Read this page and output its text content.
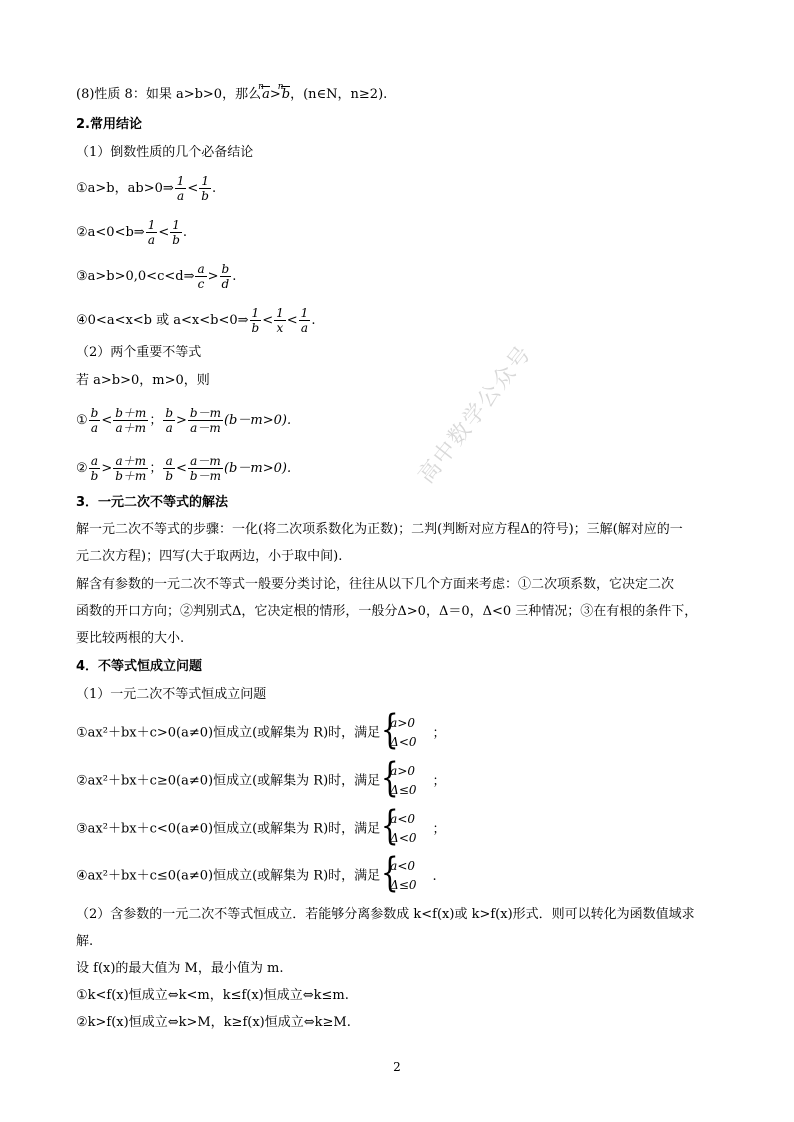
高中数学公众号
(8)性质 8：如果 a>b>0，那么
n
a>
n
b，(n∈N，n≥2).
2.常用结论
（1）倒数性质的几个必备结论
①a>b，ab>0⇒ $\frac{1}{a} < \frac{1}{b}$ .
②a<0<b⇒ $\frac{1}{a} < \frac{1}{b}$ .
③a>b>0,0<c<d⇒ $\frac{a}{c} > \frac{b}{d}$ .
④0<a<x<b 或 a<x<b<0⇒ $\frac{1}{b} < \frac{1}{x} < \frac{1}{a}$ .
（2）两个重要不等式
若 a>b>0，m>0，则
① $\frac{b}{a} < \frac{b+m}{a+m}$ ； $\frac{b}{a} > \frac{b-m}{a-m} (b-m>0)$.
② $\frac{a}{b} > \frac{a+m}{b+m}$ ； $\frac{a}{b} < \frac{a-m}{b-m} (b-m>0)$.
3．一元二次不等式的解法
解一元二次不等式的步骤：一化(将二次项系数化为正数)；二判(判断对应方程Δ的符号)；三解(解对应的一
元二次方程)；四写(大于取两边，小于取中间).
解含有参数的一元二次不等式一般要分类讨论，往往从以下几个方面来考虑：①二次项系数，它决定二次
函数的开口方向；②判别式Δ，它决定根的情形，一般分Δ>0，Δ＝0，Δ<0 三种情况；③在有根的条件下，
要比较两根的大小.
4．不等式恒成立问题
（1）一元二次不等式恒成立问题
①ax²＋bx＋c>0(a≠0)恒成立(或解集为 R)时，满足
{ a>0
Δ<0
；
②ax²＋bx＋c≥0(a≠0)恒成立(或解集为 R)时，满足
{ a>0
Δ≤0
；
③ax²＋bx＋c<0(a≠0)恒成立(或解集为 R)时，满足
{ a<0
Δ<0
；
④ax²＋bx＋c≤0(a≠0)恒成立(或解集为 R)时，满足
{ a<0
Δ≤0
.
（2）含参数的一元二次不等式恒成立．若能够分离参数成 k<f(x)或 k>f(x)形式．则可以转化为函数值域求
解.
设 f(x)的最大值为 M，最小值为 m.
①k<f(x)恒成立⇔k<m，k≤f(x)恒成立⇔k≤m.
②k>f(x)恒成立⇔k>M，k≥f(x)恒成立⇔k≥M.
2
